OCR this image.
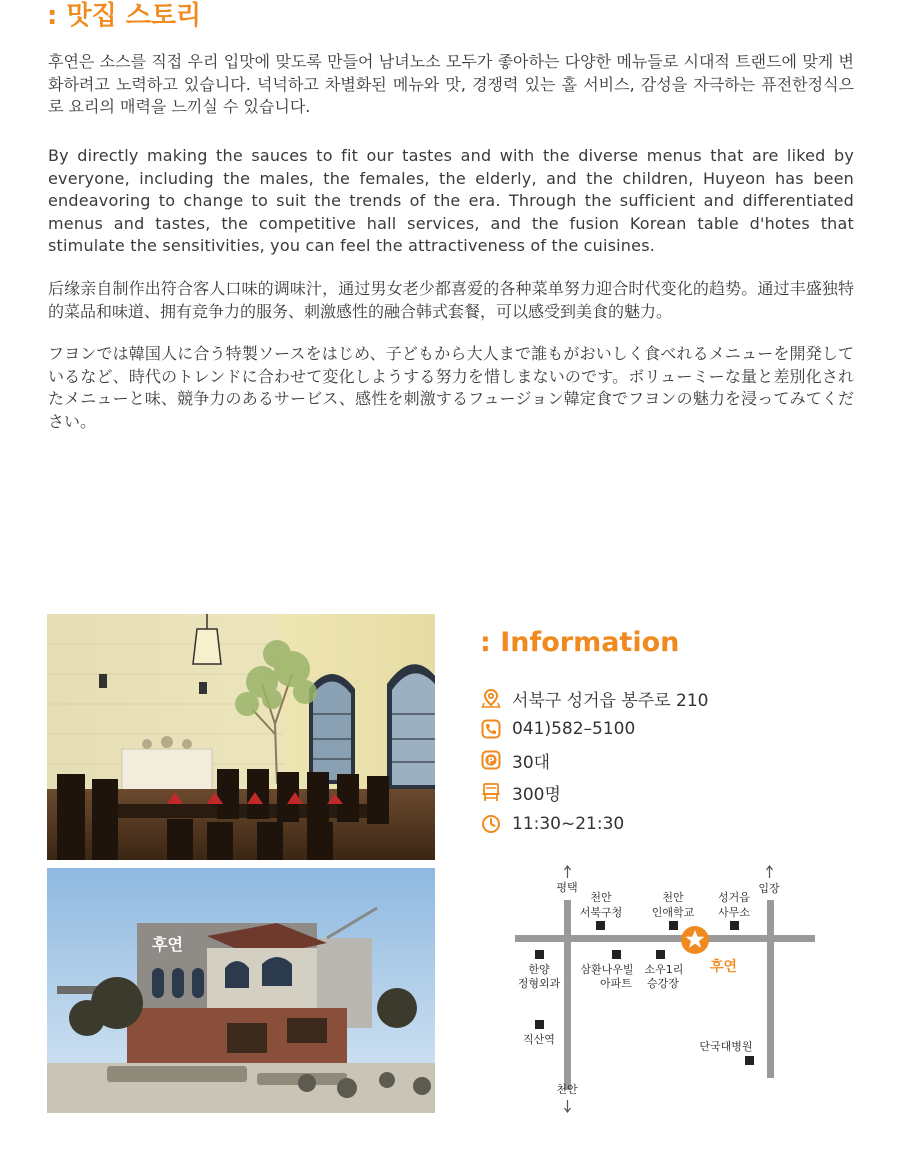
: 맛집 스토리

후연은 소스를 직접 우리 입맛에 맞도록 만들어 남녀노소 모두가 좋아하는 다양한 메뉴들로 시대적 트랜드에 맞게 변화하려고 노력하고 있습니다. 넉넉하고 차별화된 메뉴와 맛, 경쟁력 있는 홀 서비스, 감성을 자극하는 퓨전한정식으로 요리의 매력을 느끼실 수 있습니다.

By directly making the sauces to fit our tastes and with the diverse menus that are liked by everyone, including the males, the females, the elderly, and the children, Huyeon has been endeavoring to change to suit the trends of the era. Through the sufficient and differentiated menus and tastes, the competitive hall services, and the fusion Korean table d'hotes that stimulate the sensitivities, you can feel the attractiveness of the cuisines.

后缘亲自制作出符合客人口味的调味汁，通过男女老少都喜爱的各种菜单努力迎合时代变化的趋势。通过丰盛独特的菜品和味道、拥有竞争力的服务、刺激感性的融合韩式套餐，可以感受到美食的魅力。

フヨンでは韓国人に合う特製ソースをはじめ、子どもから大人まで誰もがおいしく食べれるメニューを開発しているなど、時代のトレンドに合わせて変化しようする努力を惜しまないのです。ボリューミーな量と差別化されたメニューと味、競争力のあるサービス、感性を刺激するフュージョン韓定食でフヨンの魅力を浸ってみてください。

후연
: Information
서북구 성거읍 봉주로 210
041)582–5100
P 30대
300명
11:30~21:30
평택	입장
천안
서북구청
천안
인애학교
성거읍
사무소
한양
정형외과
삼환나우빌
아파트
소우1리
승강장
직산역
단국대병원
천안
후연
